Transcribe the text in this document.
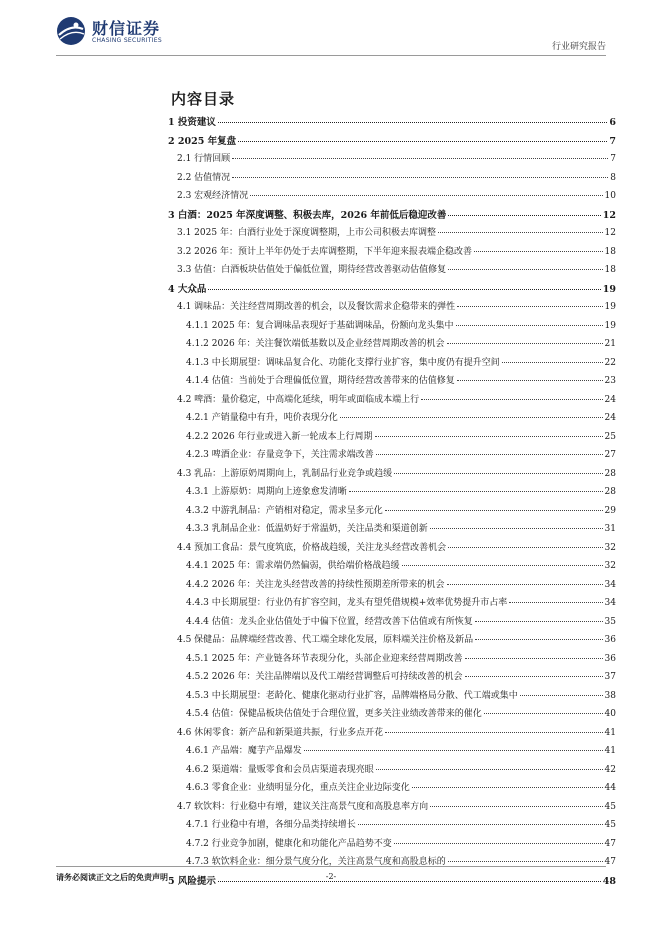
财信证券
CHASING SECURITIES
行业研究报告
内容目录
1 投资建议	6
2 2025 年复盘	7
2.1 行情回顾	7
2.2 估值情况	8
2.3 宏观经济情况	10
3 白酒：2025 年深度调整、积极去库，2026 年前低后稳迎改善	12
3.1 2025 年：白酒行业处于深度调整期，上市公司积极去库调整	12
3.2 2026 年：预计上半年仍处于去库调整期，下半年迎来报表端企稳改善	18
3.3 估值：白酒板块估值处于偏低位置，期待经营改善驱动估值修复	18
4 大众品	19
4.1 调味品：关注经营周期改善的机会，以及餐饮需求企稳带来的弹性	19
4.1.1 2025 年：复合调味品表现好于基础调味品，份额向龙头集中	19
4.1.2 2026 年：关注餐饮端低基数以及企业经营周期改善的机会	21
4.1.3 中长期展望：调味品复合化、功能化支撑行业扩容，集中度仍有提升空间	22
4.1.4 估值：当前处于合理偏低位置，期待经营改善带来的估值修复	23
4.2 啤酒：量价稳定，中高端化延续，明年或面临成本端上行	24
4.2.1 产销量稳中有升，吨价表现分化	24
4.2.2 2026 年行业或进入新一轮成本上行周期	25
4.2.3 啤酒企业：存量竞争下，关注需求端改善	27
4.3 乳品：上游原奶周期向上，乳制品行业竞争或趋缓	28
4.3.1 上游原奶：周期向上迹象愈发清晰	28
4.3.2 中游乳制品：产销相对稳定，需求呈多元化	29
4.3.3 乳制品企业：低温奶好于常温奶，关注品类和渠道创新	31
4.4 预加工食品：景气度筑底，价格战趋缓，关注龙头经营改善机会	32
4.4.1 2025 年：需求端仍然偏弱，供给端价格战趋缓	32
4.4.2 2026 年：关注龙头经营改善的持续性预期差所带来的机会	34
4.4.3 中长期展望：行业仍有扩容空间，龙头有望凭借规模+效率优势提升市占率	34
4.4.4 估值：龙头企业估值处于中偏下位置，经营改善下估值或有所恢复	35
4.5 保健品：品牌端经营改善、代工端全球化发展，原料端关注价格及新品	36
4.5.1 2025 年：产业链各环节表现分化，头部企业迎来经营周期改善	36
4.5.2 2026 年：关注品牌端以及代工端经营调整后可持续改善的机会	37
4.5.3 中长期展望：老龄化、健康化驱动行业扩容，品牌端格局分散、代工端或集中	38
4.5.4 估值：保健品板块估值处于合理位置，更多关注业绩改善带来的催化	40
4.6 休闲零食：新产品和新渠道共振，行业多点开花	41
4.6.1 产品端：魔芋产品爆发	41
4.6.2 渠道端：量贩零食和会员店渠道表现亮眼	42
4.6.3 零食企业：业绩明显分化，重点关注企业边际变化	44
4.7 软饮料：行业稳中有增，建议关注高景气度和高股息率方向	45
4.7.1 行业稳中有增，各细分品类持续增长	45
4.7.2 行业竞争加剧，健康化和功能化产品趋势不变	47
4.7.3 软饮料企业：细分景气度分化，关注高景气度和高股息标的	47
5 风险提示	48
请务必阅读正文之后的免责声明	-2-
